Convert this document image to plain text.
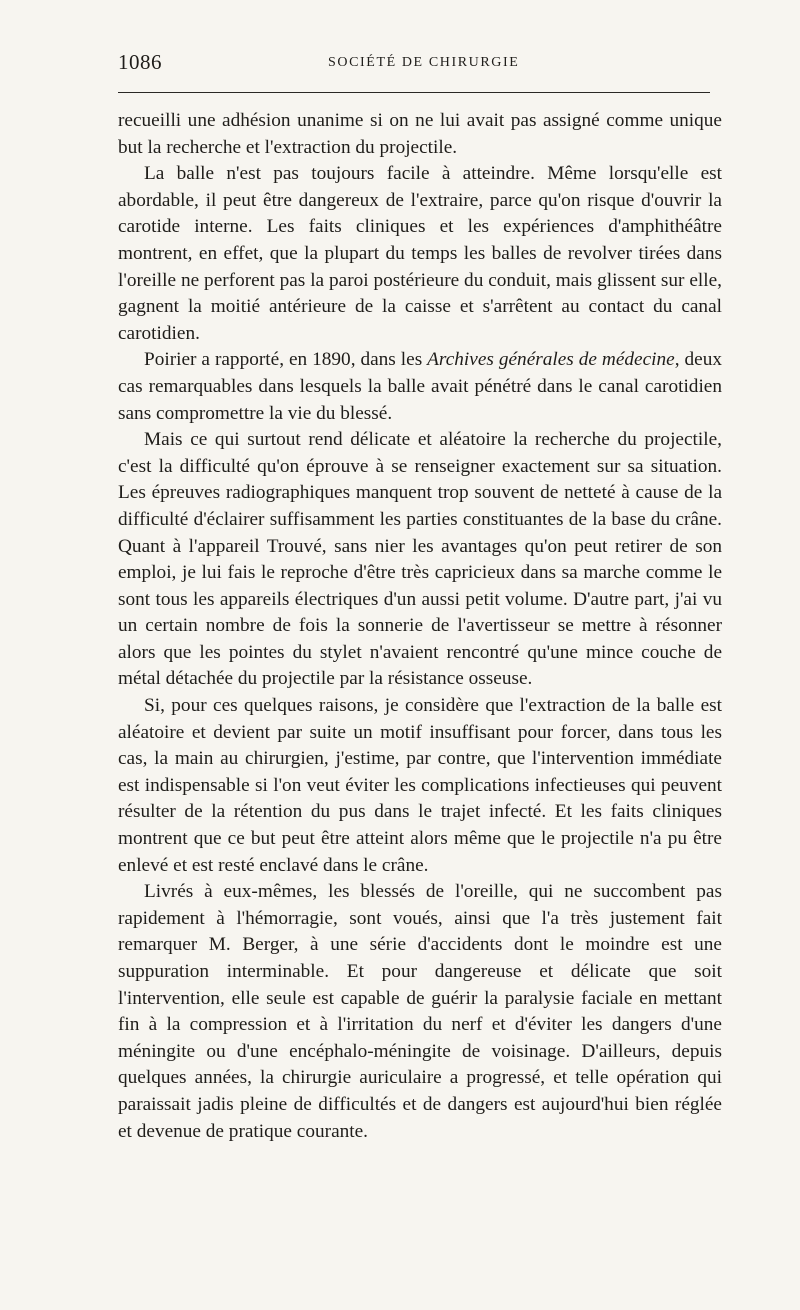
1086	SOCIÉTÉ DE CHIRURGIE

recueilli une adhésion unanime si on ne lui avait pas assigné comme unique but la recherche et l'extraction du projectile.

La balle n'est pas toujours facile à atteindre. Même lorsqu'elle est abordable, il peut être dangereux de l'extraire, parce qu'on risque d'ouvrir la carotide interne. Les faits cliniques et les expériences d'amphithéâtre montrent, en effet, que la plupart du temps les balles de revolver tirées dans l'oreille ne perforent pas la paroi postérieure du conduit, mais glissent sur elle, gagnent la moitié antérieure de la caisse et s'arrêtent au contact du canal carotidien.

Poirier a rapporté, en 1890, dans les Archives générales de médecine, deux cas remarquables dans lesquels la balle avait pénétré dans le canal carotidien sans compromettre la vie du blessé.

Mais ce qui surtout rend délicate et aléatoire la recherche du projectile, c'est la difficulté qu'on éprouve à se renseigner exactement sur sa situation. Les épreuves radiographiques manquent trop souvent de netteté à cause de la difficulté d'éclairer suffisamment les parties constituantes de la base du crâne. Quant à l'appareil Trouvé, sans nier les avantages qu'on peut retirer de son emploi, je lui fais le reproche d'être très capricieux dans sa marche comme le sont tous les appareils électriques d'un aussi petit volume. D'autre part, j'ai vu un certain nombre de fois la sonnerie de l'avertisseur se mettre à résonner alors que les pointes du stylet n'avaient rencontré qu'une mince couche de métal détachée du projectile par la résistance osseuse.

Si, pour ces quelques raisons, je considère que l'extraction de la balle est aléatoire et devient par suite un motif insuffisant pour forcer, dans tous les cas, la main au chirurgien, j'estime, par contre, que l'intervention immédiate est indispensable si l'on veut éviter les complications infectieuses qui peuvent résulter de la rétention du pus dans le trajet infecté. Et les faits cliniques montrent que ce but peut être atteint alors même que le projectile n'a pu être enlevé et est resté enclavé dans le crâne.

Livrés à eux-mêmes, les blessés de l'oreille, qui ne succombent pas rapidement à l'hémorragie, sont voués, ainsi que l'a très justement fait remarquer M. Berger, à une série d'accidents dont le moindre est une suppuration interminable. Et pour dangereuse et délicate que soit l'intervention, elle seule est capable de guérir la paralysie faciale en mettant fin à la compression et à l'irritation du nerf et d'éviter les dangers d'une méningite ou d'une encéphalo-méningite de voisinage. D'ailleurs, depuis quelques années, la chirurgie auriculaire a progressé, et telle opération qui paraissait jadis pleine de difficultés et de dangers est aujourd'hui bien réglée et devenue de pratique courante.
